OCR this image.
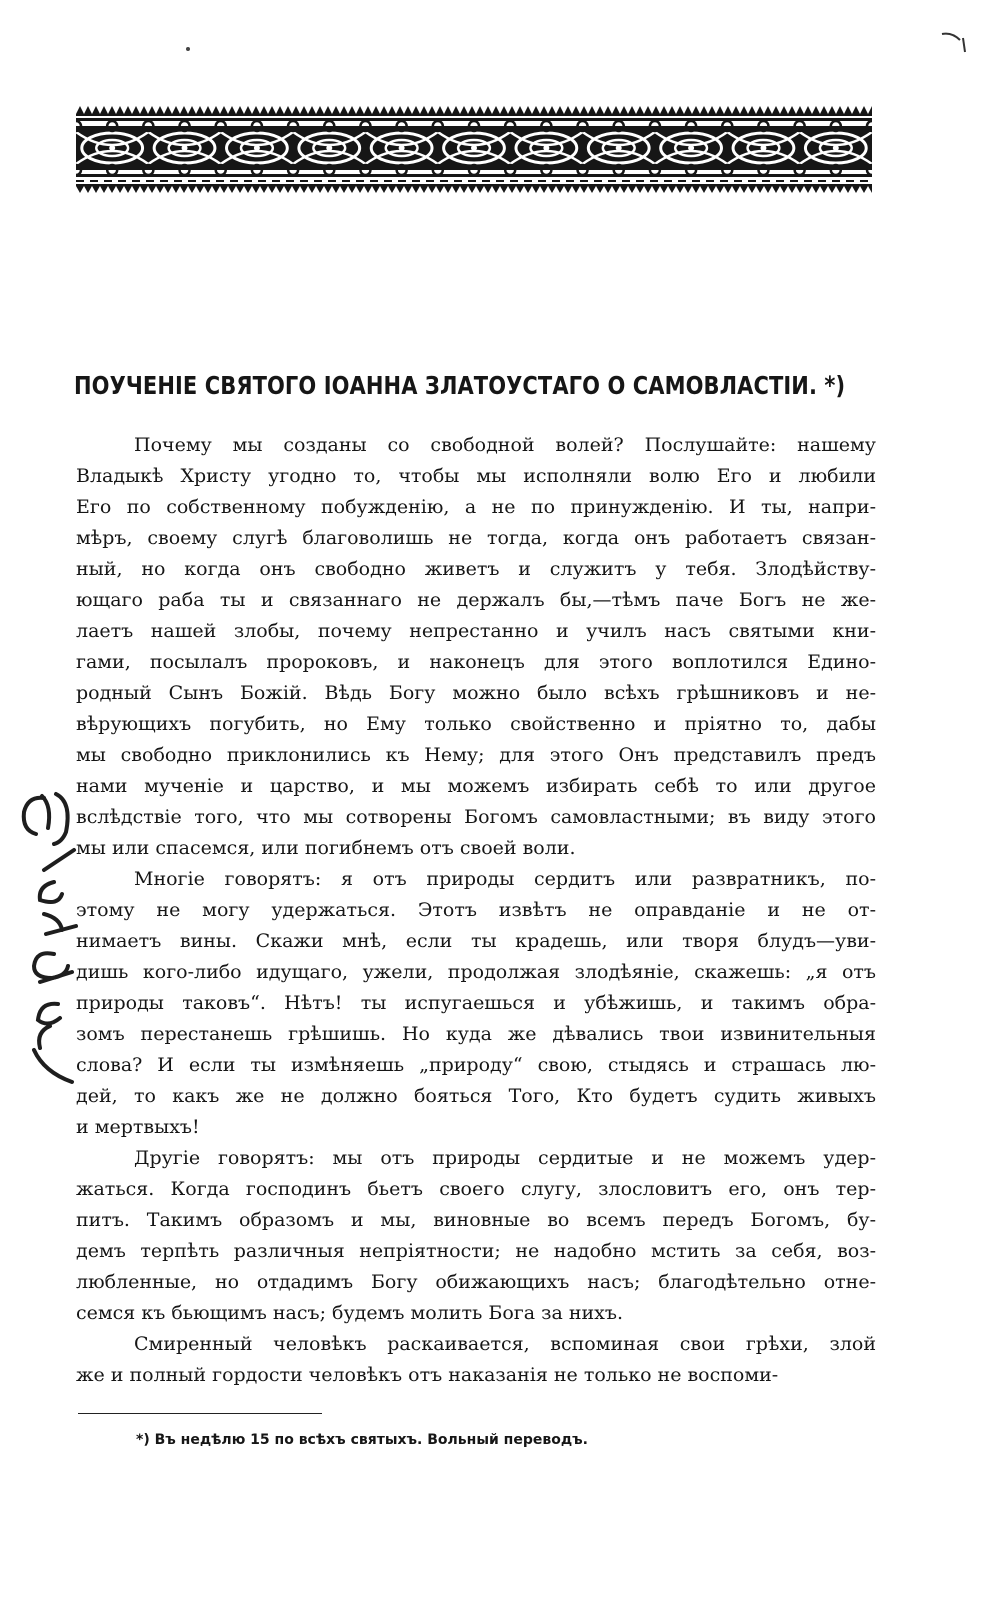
ПОУЧЕНІЕ СВЯТОГО ІОАННА ЗЛАТОУСТАГО О САМОВЛАСТІИ. *)

Почему мы созданы со свободной волей? Послушайте: нашему
Владыкѣ Христу угодно то, чтобы мы исполняли волю Его и любили
Его по собственному побужденію, а не по принужденію. И ты, напри-
мѣръ, своему слугѣ благоволишь не тогда, когда онъ работаетъ связан-
ный, но когда онъ свободно живетъ и служитъ у тебя. Злодѣйству-
ющаго раба ты и связаннаго не держалъ бы,—тѣмъ паче Богъ не же-
лаетъ нашей злобы, почему непрестанно и училъ насъ святыми кни-
гами, посылалъ пророковъ, и наконецъ для этого воплотился Едино-
родный Сынъ Божій. Вѣдь Богу можно было всѣхъ грѣшниковъ и не-
вѣрующихъ погубить, но Ему только свойственно и пріятно то, дабы
мы свободно приклонились къ Нему; для этого Онъ представилъ предъ
нами мученіе и царство, и мы можемъ избирать себѣ то или другое
вслѣдствіе того, что мы сотворены Богомъ самовластными; въ виду этого
мы или спасемся, или погибнемъ отъ своей воли.

Многіе говорятъ: я отъ природы сердитъ или развратникъ, по-
этому не могу удержаться. Этотъ извѣтъ не оправданіе и не от-
нимаетъ вины. Скажи мнѣ, если ты крадешь, или творя блудъ—уви-
дишь кого-либо идущаго, ужели, продолжая злодѣяніе, скажешь: „я отъ
природы таковъ“. Нѣтъ! ты испугаешься и убѣжишь, и такимъ обра-
зомъ перестанешь грѣшишь. Но куда же дѣвались твои извинительныя
слова? И если ты измѣняешь „природу“ свою, стыдясь и страшась лю-
дей, то какъ же не должно бояться Того, Кто будетъ судить живыхъ
и мертвыхъ!

Другіе говорятъ: мы отъ природы сердитые и не можемъ удер-
жаться. Когда господинъ бьетъ своего слугу, злословитъ его, онъ тер-
питъ. Такимъ образомъ и мы, виновные во всемъ передъ Богомъ, бу-
демъ терпѣть различныя непріятности; не надобно мстить за себя, воз-
любленные, но отдадимъ Богу обижающихъ насъ; благодѣтельно отне-
семся къ бьющимъ насъ; будемъ молить Бога за нихъ.

Смиренный человѣкъ раскаивается, вспоминая свои грѣхи, злой
же и полный гордости человѣкъ отъ наказанія не только не воспоми-

*) Въ недѣлю 15 по всѣхъ святыхъ. Вольный переводъ.
